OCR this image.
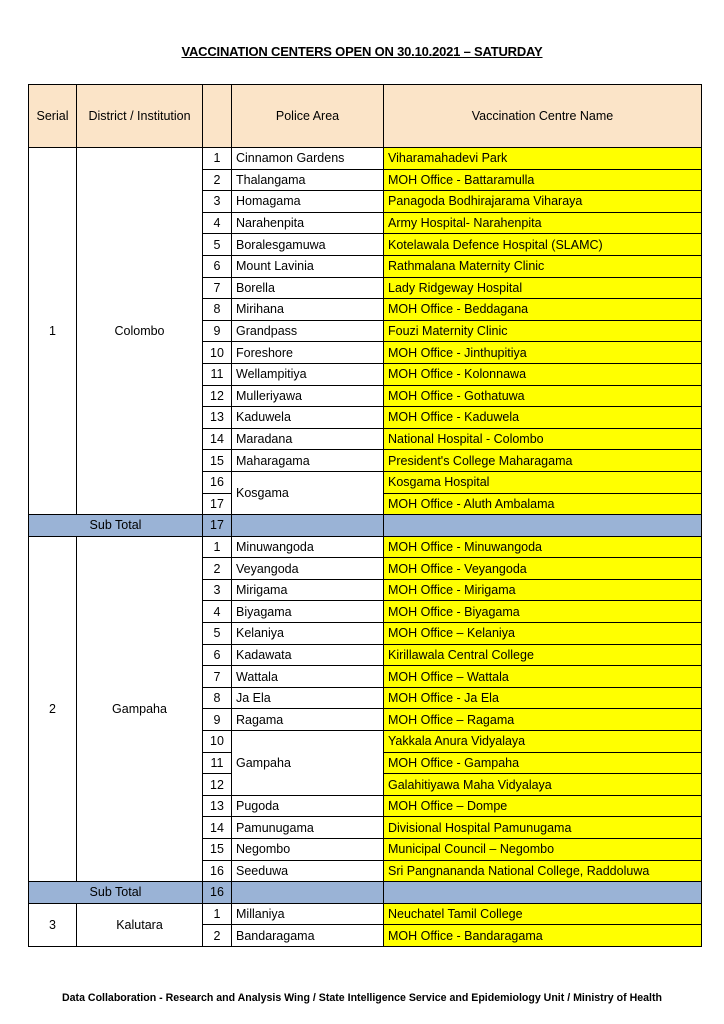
VACCINATION CENTERS OPEN ON 30.10.2021 – SATURDAY
Serial	District / Institution		Police Area	Vaccination Centre Name
1	Colombo	1	Cinnamon Gardens	Viharamahadevi Park
		2	Thalangama	MOH Office - Battaramulla
		3	Homagama	Panagoda Bodhirajarama Viharaya
		4	Narahenpita	Army Hospital- Narahenpita
		5	Boralesgamuwa	Kotelawala Defence Hospital (SLAMC)
		6	Mount Lavinia	Rathmalana Maternity Clinic
		7	Borella	Lady Ridgeway Hospital
		8	Mirihana	MOH Office - Beddagana
		9	Grandpass	Fouzi Maternity Clinic
		10	Foreshore	MOH Office - Jinthupitiya
		11	Wellampitiya	MOH Office - Kolonnawa
		12	Mulleriyawa	MOH Office - Gothatuwa
		13	Kaduwela	MOH Office - Kaduwela
		14	Maradana	National Hospital - Colombo
		15	Maharagama	President's College Maharagama
		16	Kosgama	Kosgama Hospital
		17		MOH Office - Aluth Ambalama
Sub Total		17		
2	Gampaha	1	Minuwangoda	MOH Office - Minuwangoda
		2	Veyangoda	MOH Office - Veyangoda
		3	Mirigama	MOH Office - Mirigama
		4	Biyagama	MOH Office - Biyagama
		5	Kelaniya	MOH Office – Kelaniya
		6	Kadawata	Kirillawala Central College
		7	Wattala	MOH Office – Wattala
		8	Ja Ela	MOH Office - Ja Ela
		9	Ragama	MOH Office – Ragama
		10	Gampaha	Yakkala Anura Vidyalaya
		11		MOH Office - Gampaha
		12		Galahitiyawa Maha Vidyalaya
		13	Pugoda	MOH Office – Dompe
		14	Pamunugama	Divisional Hospital Pamunugama
		15	Negombo	Municipal Council – Negombo
		16	Seeduwa	Sri Pangnananda National College, Raddoluwa
Sub Total		16		
3	Kalutara	1	Millaniya	Neuchatel Tamil College
		2	Bandaragama	MOH Office - Bandaragama
Data Collaboration - Research and Analysis Wing / State Intelligence Service and Epidemiology Unit / Ministry of Health
